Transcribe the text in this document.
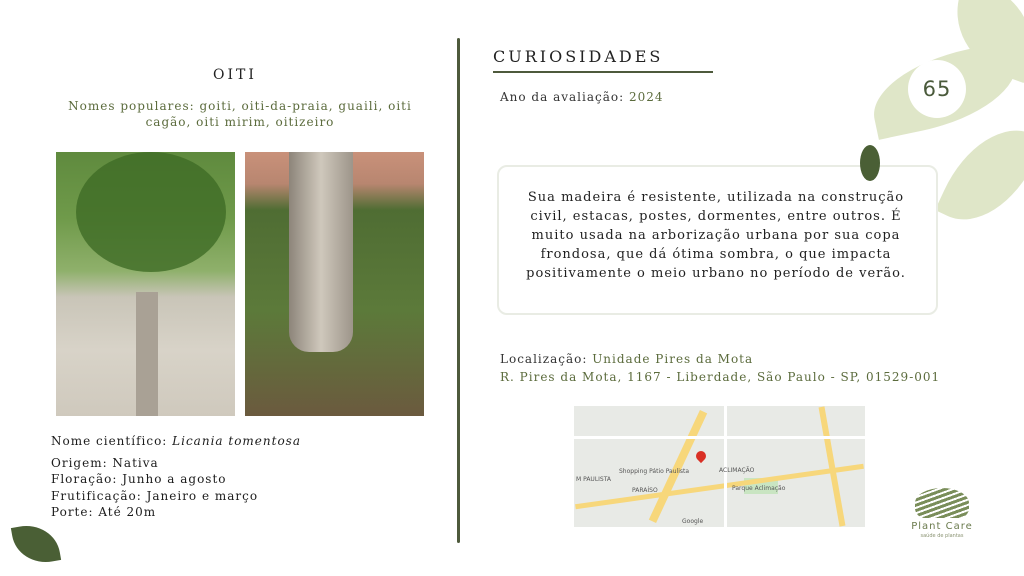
65
OITI
Nomes populares: goiti, oiti-da-praia, guaili, oiti cagão, oiti mirim, oitizeiro
Nome científico: Licania tomentosa
Origem: Nativa
Floração: Junho a agosto
Frutificação: Janeiro e março
Porte: Até 20m
CURIOSIDADES
Ano da avaliação: 2024
Sua madeira é resistente, utilizada na construção civil, estacas, postes, dormentes, entre outros. É muito usada na arborização urbana por sua copa frondosa, que dá ótima sombra, o que impacta positivamente o meio urbano no período de verão.
Localização: Unidade Pires da Mota
R. Pires da Mota, 1167 - Liberdade, São Paulo - SP, 01529-001
ACLIMAÇÃO
PARAÍSO
M PAULISTA
Shopping Pátio Paulista
Parque Aclimação
Google	Plant Care
saúde de plantas
